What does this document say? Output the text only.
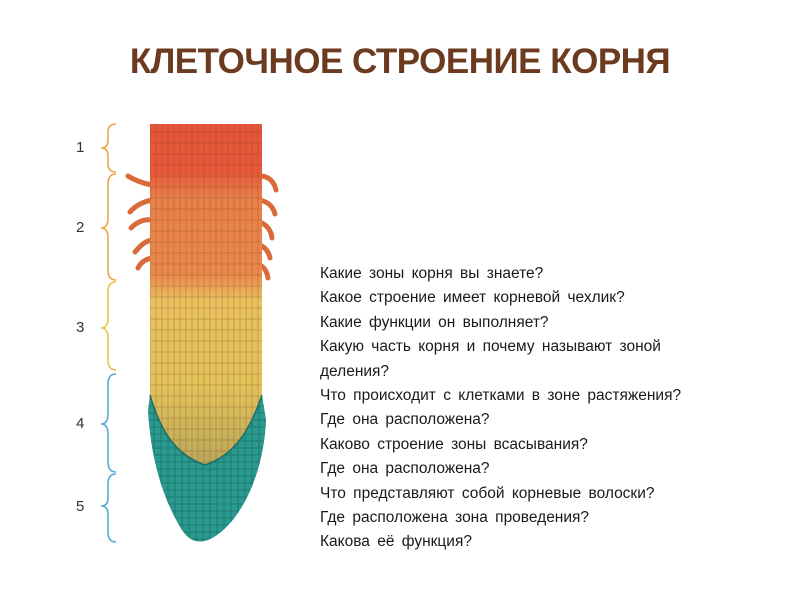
КЛЕТОЧНОЕ СТРОЕНИЕ КОРНЯ
1
2
3
4
5
Какие зоны корня вы знаете?
Какое строение имеет корневой чехлик?
Какие функции он выполняет?
Какую часть корня и почему называют зоной
деления?
Что происходит с клетками в зоне растяжения?
Где она расположена?
Каково строение зоны всасывания?
Где она расположена?
Что представляют собой корневые волоски?
Где расположена зона проведения?
Какова её функция?
